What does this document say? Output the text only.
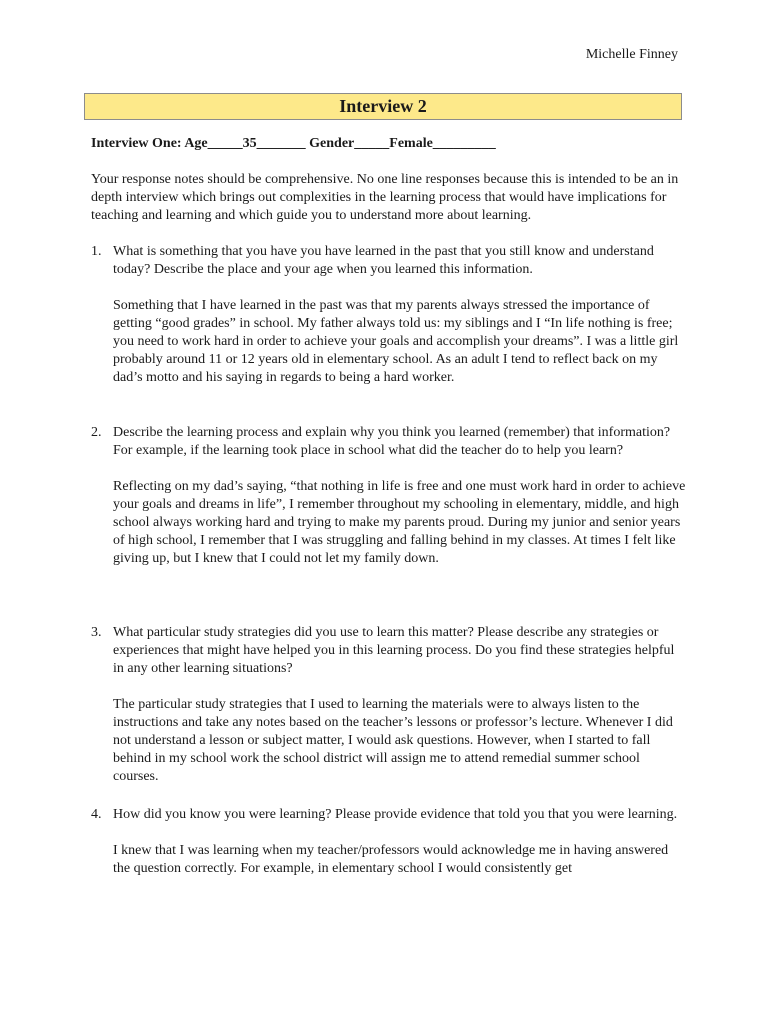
Michelle Finney
Interview 2
Interview One: Age_____35_______ Gender_____Female_________
Your response notes should be comprehensive. No one line responses because this is intended to be an in depth interview which brings out complexities in the learning process that would have implications for teaching and learning and which guide you to understand more about learning.
1. What is something that you have you have learned in the past that you still know and understand today? Describe the place and your age when you learned this information.
Something that I have learned in the past was that my parents always stressed the importance of getting “good grades” in school. My father always told us: my siblings and I “In life nothing is free; you need to work hard in order to achieve your goals and accomplish your dreams”. I was a little girl probably around 11 or 12 years old in elementary school. As an adult I tend to reflect back on my dad’s motto and his saying in regards to being a hard worker.
2. Describe the learning process and explain why you think you learned (remember) that information? For example, if the learning took place in school what did the teacher do to help you learn?
Reflecting on my dad’s saying, “that nothing in life is free and one must work hard in order to achieve your goals and dreams in life”, I remember throughout my schooling in elementary, middle, and high school always working hard and trying to make my parents proud. During my junior and senior years of high school, I remember that I was struggling and falling behind in my classes. At times I felt like giving up, but I knew that I could not let my family down.
3. What particular study strategies did you use to learn this matter? Please describe any strategies or experiences that might have helped you in this learning process. Do you find these strategies helpful in any other learning situations?
The particular study strategies that I used to learning the materials were to always listen to the instructions and take any notes based on the teacher’s lessons or professor’s lecture. Whenever I did not understand a lesson or subject matter, I would ask questions. However, when I started to fall behind in my school work the school district will assign me to attend remedial summer school courses.
4. How did you know you were learning? Please provide evidence that told you that you were learning.
I knew that I was learning when my teacher/professors would acknowledge me in having answered the question correctly. For example, in elementary school I would consistently get
